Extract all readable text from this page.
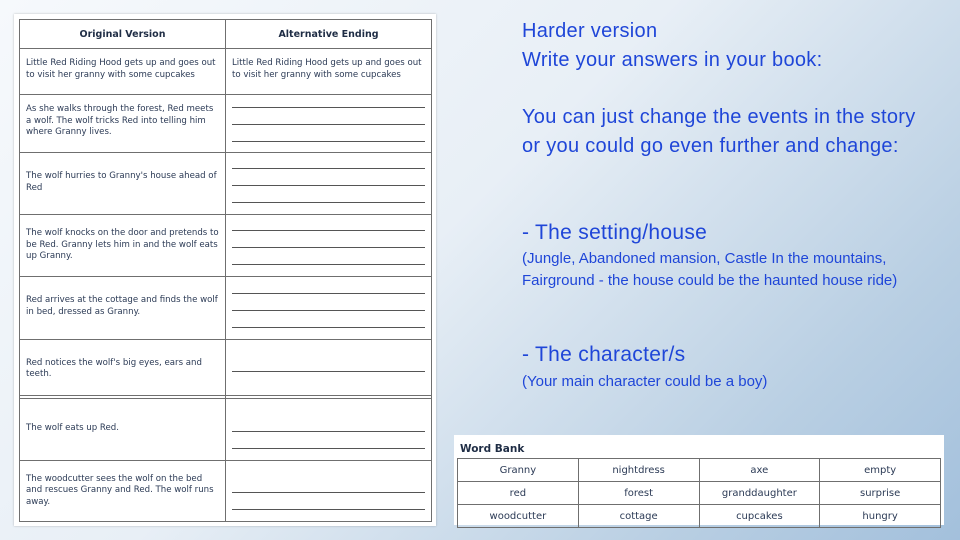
Original Version	Alternative Ending

Little Red Riding Hood gets up and goes out to visit her granny with some cupcakes	Little Red Riding Hood gets up and goes out to visit her granny with some cupcakes

As she walks through the forest, Red meets a wolf. The wolf tricks Red into telling him where Granny lives.	

The wolf hurries to Granny's house ahead of Red	

The wolf knocks on the door and pretends to be Red. Granny lets him in and the wolf eats up Granny.	

Red arrives at the cottage and finds the wolf in bed, dressed as Granny.	

Red notices the wolf's big eyes, ears and teeth.	

The wolf eats up Red.	

The woodcutter sees the wolf on the bed and rescues Granny and Red. The wolf runs away.	

Harder version
Write your answers in your book:
You can just change the events in the story or you could go even further and change:
- The setting/house
(Jungle, Abandoned mansion, Castle In the mountains, Fairground - the house could be the haunted house ride)
- The character/s
(Your main character could be a boy)
Word Bank
Granny	nightdress	axe	empty
red	forest	granddaughter	surprise
woodcutter	cottage	cupcakes	hungry
